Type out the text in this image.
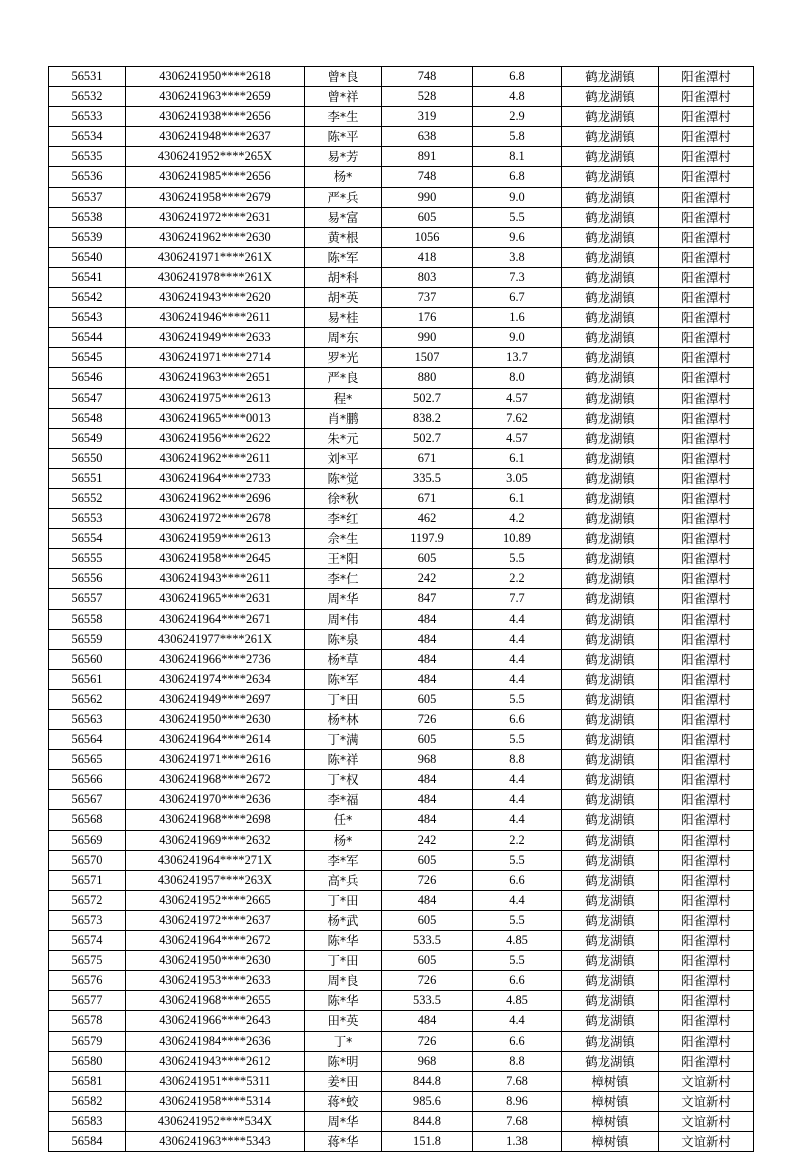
56531	4306241950****2618	曾*良	748	6.8	鹤龙湖镇	阳雀潭村
56532	4306241963****2659	曾*祥	528	4.8	鹤龙湖镇	阳雀潭村
56533	4306241938****2656	李*生	319	2.9	鹤龙湖镇	阳雀潭村
56534	4306241948****2637	陈*平	638	5.8	鹤龙湖镇	阳雀潭村
56535	4306241952****265X	易*芳	891	8.1	鹤龙湖镇	阳雀潭村
56536	4306241985****2656	杨*	748	6.8	鹤龙湖镇	阳雀潭村
56537	4306241958****2679	严*兵	990	9.0	鹤龙湖镇	阳雀潭村
56538	4306241972****2631	易*富	605	5.5	鹤龙湖镇	阳雀潭村
56539	4306241962****2630	黄*根	1056	9.6	鹤龙湖镇	阳雀潭村
56540	4306241971****261X	陈*军	418	3.8	鹤龙湖镇	阳雀潭村
56541	4306241978****261X	胡*科	803	7.3	鹤龙湖镇	阳雀潭村
56542	4306241943****2620	胡*英	737	6.7	鹤龙湖镇	阳雀潭村
56543	4306241946****2611	易*桂	176	1.6	鹤龙湖镇	阳雀潭村
56544	4306241949****2633	周*东	990	9.0	鹤龙湖镇	阳雀潭村
56545	4306241971****2714	罗*光	1507	13.7	鹤龙湖镇	阳雀潭村
56546	4306241963****2651	严*良	880	8.0	鹤龙湖镇	阳雀潭村
56547	4306241975****2613	程*	502.7	4.57	鹤龙湖镇	阳雀潭村
56548	4306241965****0013	肖*鹏	838.2	7.62	鹤龙湖镇	阳雀潭村
56549	4306241956****2622	朱*元	502.7	4.57	鹤龙湖镇	阳雀潭村
56550	4306241962****2611	刘*平	671	6.1	鹤龙湖镇	阳雀潭村
56551	4306241964****2733	陈*觉	335.5	3.05	鹤龙湖镇	阳雀潭村
56552	4306241962****2696	徐*秋	671	6.1	鹤龙湖镇	阳雀潭村
56553	4306241972****2678	李*红	462	4.2	鹤龙湖镇	阳雀潭村
56554	4306241959****2613	佘*生	1197.9	10.89	鹤龙湖镇	阳雀潭村
56555	4306241958****2645	王*阳	605	5.5	鹤龙湖镇	阳雀潭村
56556	4306241943****2611	李*仁	242	2.2	鹤龙湖镇	阳雀潭村
56557	4306241965****2631	周*华	847	7.7	鹤龙湖镇	阳雀潭村
56558	4306241964****2671	周*伟	484	4.4	鹤龙湖镇	阳雀潭村
56559	4306241977****261X	陈*泉	484	4.4	鹤龙湖镇	阳雀潭村
56560	4306241966****2736	杨*草	484	4.4	鹤龙湖镇	阳雀潭村
56561	4306241974****2634	陈*军	484	4.4	鹤龙湖镇	阳雀潭村
56562	4306241949****2697	丁*田	605	5.5	鹤龙湖镇	阳雀潭村
56563	4306241950****2630	杨*林	726	6.6	鹤龙湖镇	阳雀潭村
56564	4306241964****2614	丁*满	605	5.5	鹤龙湖镇	阳雀潭村
56565	4306241971****2616	陈*祥	968	8.8	鹤龙湖镇	阳雀潭村
56566	4306241968****2672	丁*权	484	4.4	鹤龙湖镇	阳雀潭村
56567	4306241970****2636	李*福	484	4.4	鹤龙湖镇	阳雀潭村
56568	4306241968****2698	任*	484	4.4	鹤龙湖镇	阳雀潭村
56569	4306241969****2632	杨*	242	2.2	鹤龙湖镇	阳雀潭村
56570	4306241964****271X	李*军	605	5.5	鹤龙湖镇	阳雀潭村
56571	4306241957****263X	高*兵	726	6.6	鹤龙湖镇	阳雀潭村
56572	4306241952****2665	丁*田	484	4.4	鹤龙湖镇	阳雀潭村
56573	4306241972****2637	杨*武	605	5.5	鹤龙湖镇	阳雀潭村
56574	4306241964****2672	陈*华	533.5	4.85	鹤龙湖镇	阳雀潭村
56575	4306241950****2630	丁*田	605	5.5	鹤龙湖镇	阳雀潭村
56576	4306241953****2633	周*良	726	6.6	鹤龙湖镇	阳雀潭村
56577	4306241968****2655	陈*华	533.5	4.85	鹤龙湖镇	阳雀潭村
56578	4306241966****2643	田*英	484	4.4	鹤龙湖镇	阳雀潭村
56579	4306241984****2636	丁*	726	6.6	鹤龙湖镇	阳雀潭村
56580	4306241943****2612	陈*明	968	8.8	鹤龙湖镇	阳雀潭村
56581	4306241951****5311	姜*田	844.8	7.68	樟树镇	文谊新村
56582	4306241958****5314	蒋*蛟	985.6	8.96	樟树镇	文谊新村
56583	4306241952****534X	周*华	844.8	7.68	樟树镇	文谊新村
56584	4306241963****5343	蒋*华	151.8	1.38	樟树镇	文谊新村
